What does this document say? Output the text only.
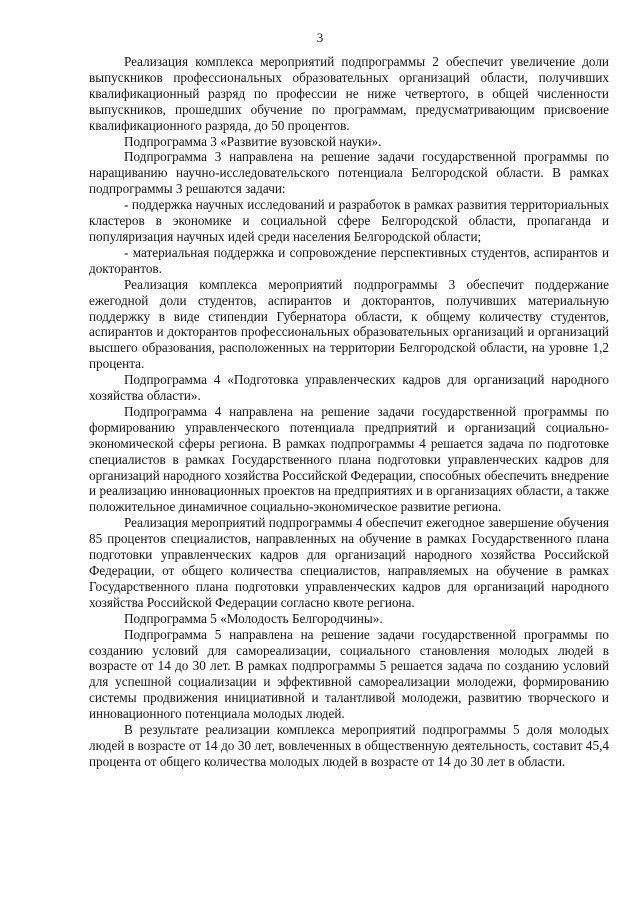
3

Реализация комплекса мероприятий подпрограммы 2 обеспечит увеличение доли выпускников профессиональных образовательных организаций области, получивших квалификационный разряд по профессии не ниже четвертого, в общей численности выпускников, прошедших обучение по программам, предусматривающим присвоение квалификационного разряда, до 50 процентов.

Подпрограмма 3 «Развитие вузовской науки».

Подпрограмма 3 направлена на решение задачи государственной программы по наращиванию научно-исследовательского потенциала Белгородской области. В рамках подпрограммы 3 решаются задачи:

- поддержка научных исследований и разработок в рамках развития территориальных кластеров в экономике и социальной сфере Белгородской области, пропаганда и популяризация научных идей среди населения Белгородской области;

- материальная поддержка и сопровождение перспективных студентов, аспирантов и докторантов.

Реализация комплекса мероприятий подпрограммы 3 обеспечит поддержание ежегодной доли студентов, аспирантов и докторантов, получивших материальную поддержку в виде стипендии Губернатора области, к общему количеству студентов, аспирантов и докторантов профессиональных образовательных организаций и организаций высшего образования, расположенных на территории Белгородской области, на уровне 1,2 процента.

Подпрограмма 4 «Подготовка управленческих кадров для организаций народного хозяйства области».

Подпрограмма 4 направлена на решение задачи государственной программы по формированию управленческого потенциала предприятий и организаций социально-экономической сферы региона. В рамках подпрограммы 4 решается задача по подготовке специалистов в рамках Государственного плана подготовки управленческих кадров для организаций народного хозяйства Российской Федерации, способных обеспечить внедрение и реализацию инновационных проектов на предприятиях и в организациях области, а также положительное динамичное социально-экономическое развитие региона.

Реализация мероприятий подпрограммы 4 обеспечит ежегодное завершение обучения 85 процентов специалистов, направленных на обучение в рамках Государственного плана подготовки управленческих кадров для организаций народного хозяйства Российской Федерации, от общего количества специалистов, направляемых на обучение в рамках Государственного плана подготовки управленческих кадров для организаций народного хозяйства Российской Федерации согласно квоте региона.

Подпрограмма 5 «Молодость Белгородчины».

Подпрограмма 5 направлена на решение задачи государственной программы по созданию условий для самореализации, социального становления молодых людей в возрасте от 14 до 30 лет. В рамках подпрограммы 5 решается задача по созданию условий для успешной социализации и эффективной самореализации молодежи, формированию системы продвижения инициативной и талантливой молодежи, развитию творческого и инновационного потенциала молодых людей.

В результате реализации комплекса мероприятий подпрограммы 5 доля молодых людей в возрасте от 14 до 30 лет, вовлеченных в общественную деятельность, составит 45,4 процента от общего количества молодых людей в возрасте от 14 до 30 лет в области.
